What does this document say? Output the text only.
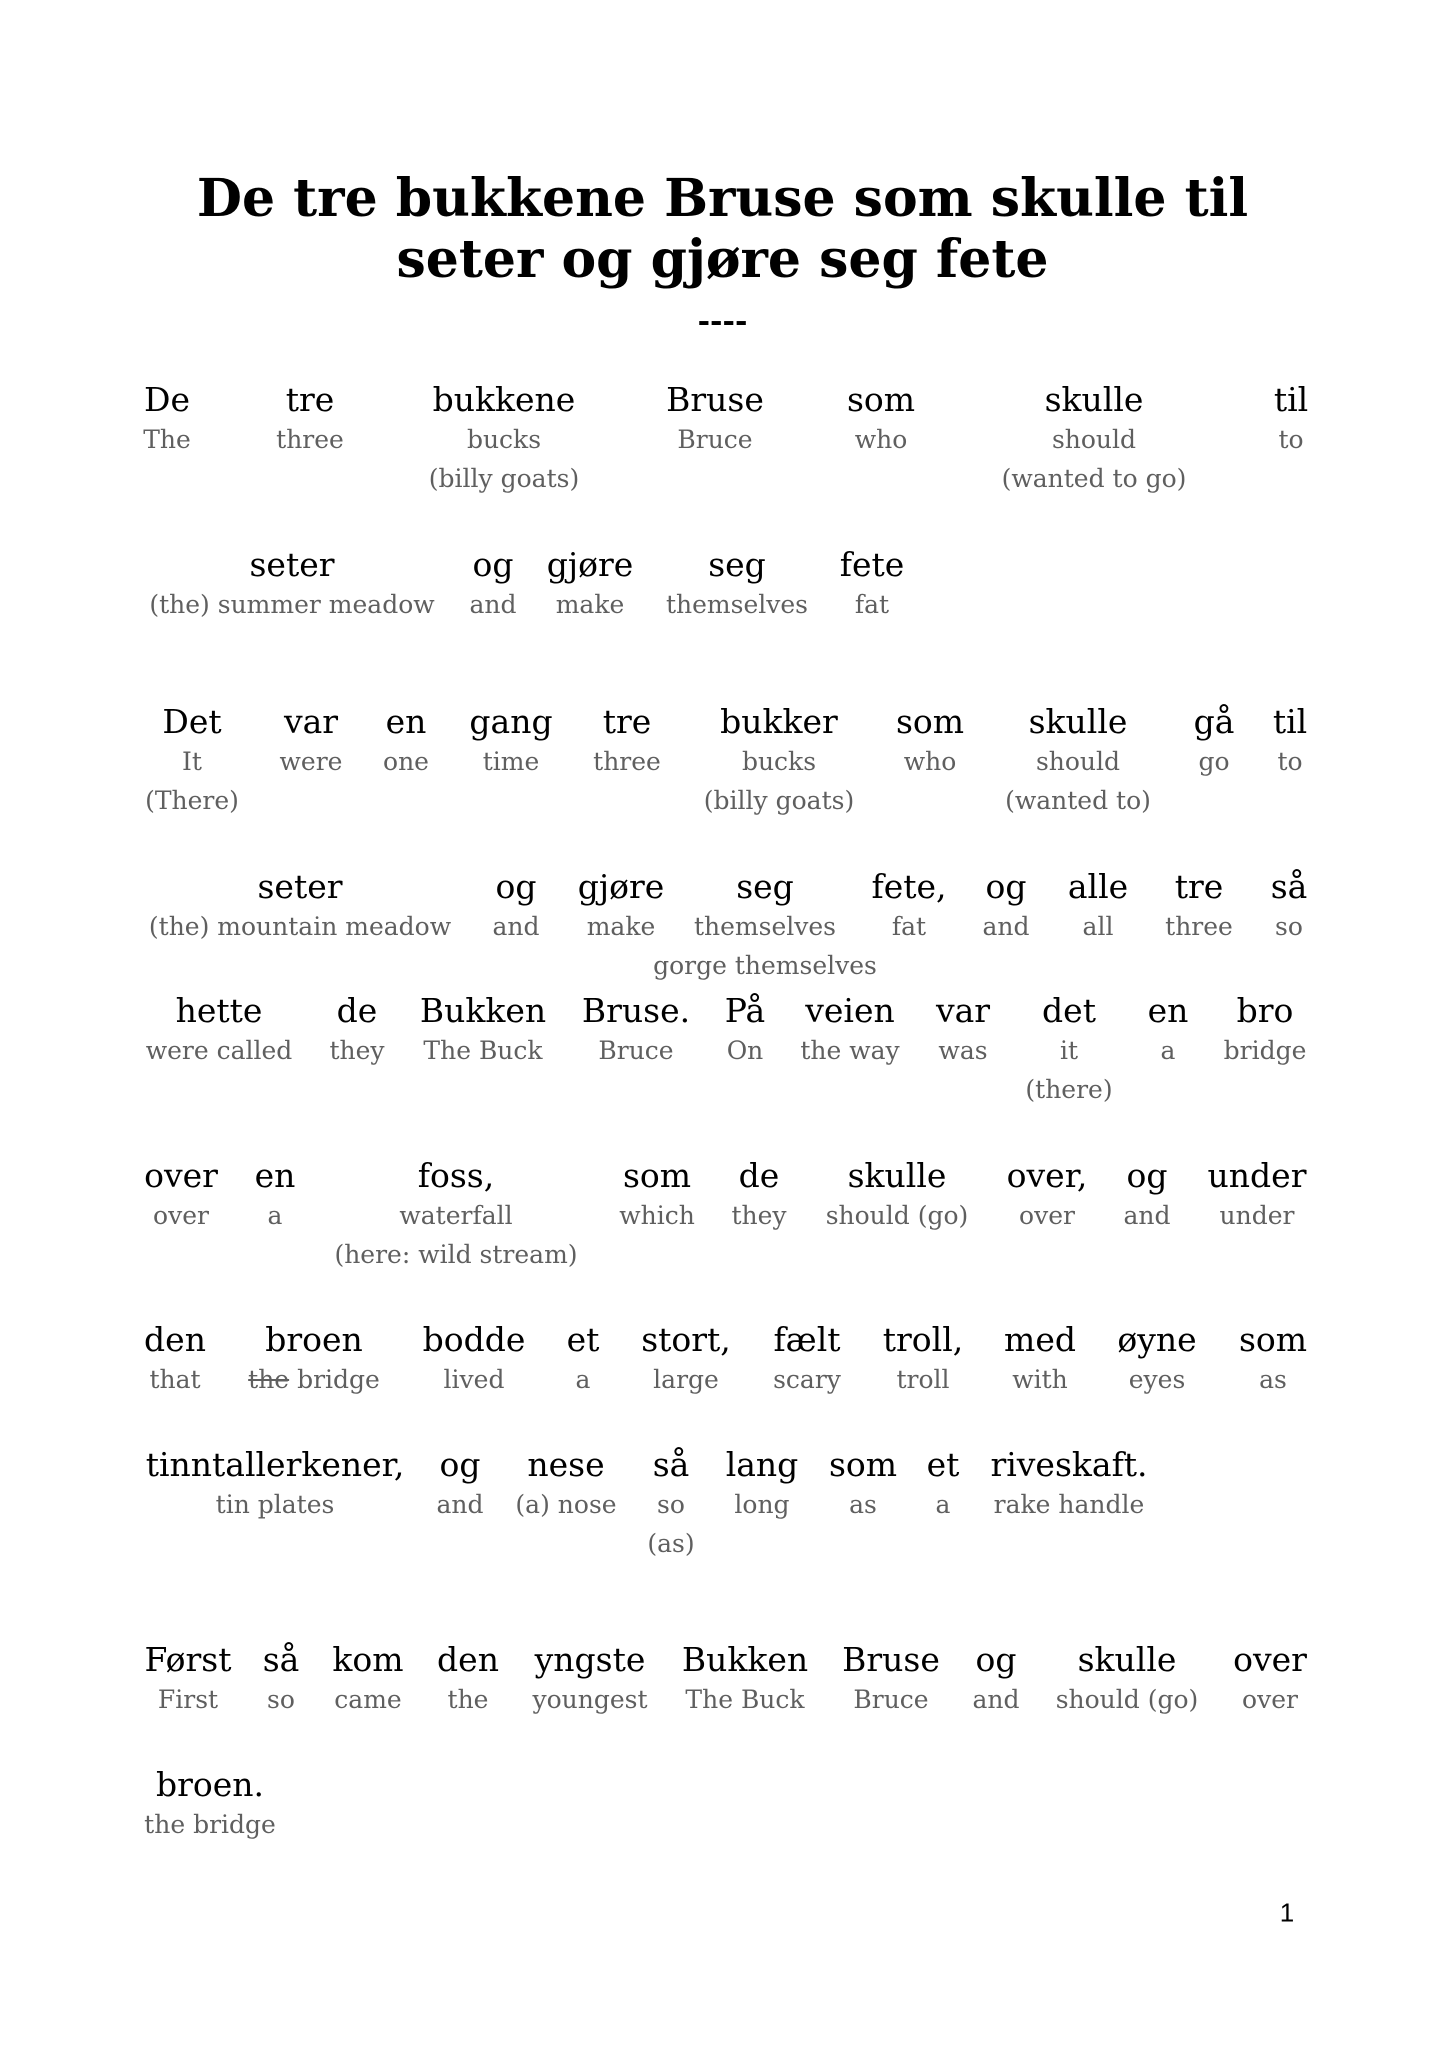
De tre bukkene Bruse som skulle til
seter og gjøre seg fete
----
De
The
tre
three
bukkene
bucks
(billy goats)
Bruse
Bruce
som
who
skulle
should
(wanted to go)
til
to
seter
(the) summer meadow
og
and
gjøre
make
seg
themselves
fete
fat
Det
It
(There)
var
were
en
one
gang
time
tre
three
bukker
bucks
(billy goats)
som
who
skulle
should
(wanted to)
gå
go
til
to
seter
(the) mountain meadow
og
and
gjøre
make
seg
themselves
gorge themselves
fete,
fat
og
and
alle
all
tre
three
så
so
hette
were called
de
they
Bukken
The Buck
Bruse.
Bruce
På
On
veien
the way
var
was
det
it
(there)
en
a
bro
bridge
over
over
en
a
foss,
waterfall
(here: wild stream)
som
which
de
they
skulle
should (go)
over,
over
og
and
under
under
den
that
broen
the bridge
bodde
lived
et
a
stort,
large
fælt
scary
troll,
troll
med
with
øyne
eyes
som
as
tinntallerkener,
tin plates
og
and
nese
(a) nose
så
so
(as)
lang
long
som
as
et
a
riveskaft.
rake handle
Først
First
så
so
kom
came
den
the
yngste
youngest
Bukken
The Buck
Bruse
Bruce
og
and
skulle
should (go)
over
over
broen.
the bridge
1
